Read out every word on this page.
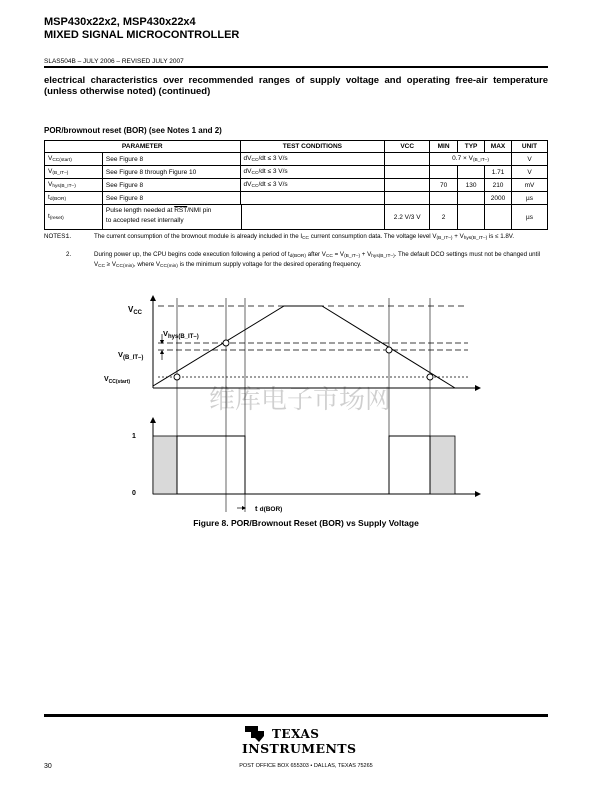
MSP430x22x2, MSP430x22x4
MIXED SIGNAL MICROCONTROLLER
SLAS504B – JULY 2006 – REVISED JULY 2007
electrical characteristics over recommended ranges of supply voltage and operating free-air temperature (unless otherwise noted) (continued)
POR/brownout reset (BOR) (see Notes 1 and 2)
PARAMETER		TEST CONDITIONS	VCC	MIN	TYP	MAX	UNIT
$V_{CC(start)}$	See Figure 8	$dV_{CC}/dt \le 3$ V/s		$0.7 \times V_{(B\_IT-)}$			V
$V_{(B\_IT-)}$	See Figure 8 through Figure 10	$dV_{CC}/dt \le 3$ V/s				1.71	V
$V_{hys(B\_IT-)}$	See Figure 8	$dV_{CC}/dt \le 3$ V/s		70	130	210	mV
$t_{d(BOR)}$	See Figure 8					2000	µs
$t_{(reset)}$	Pulse length needed at $\overline{RST}$/NMI pin
to accepted reset internally		2.2 V/3 V	2			µs
NOTES:
1.	The current consumption of the brownout module is already included in the $I_{CC}$ current consumption data. The voltage level $V_{(B\_IT-)} + V_{hys(B\_IT-)}$ is ≤ 1.8V.
2.	During power up, the CPU begins code execution following a period of $t_{d(BOR)}$ after $V_{CC} = V_{(B\_IT-)} + V_{hys(B\_IT-)}$. The default DCO settings must not be changed until $V_{CC} \ge V_{CC(min)}$, where $V_{CC(min)}$ is the minimum supply voltage for the desired operating frequency.
维库电子市场网
$V_{CC}$
$V_{hys(B\_IT-)}$
$V_{(B\_IT-)}$
$V_{CC(start)}$
1
0
t d(BOR)
Figure 8. POR/Brownout Reset (BOR) vs Supply Voltage
TEXAS
INSTRUMENTS
POST OFFICE BOX 655303 • DALLAS, TEXAS 75265
30
